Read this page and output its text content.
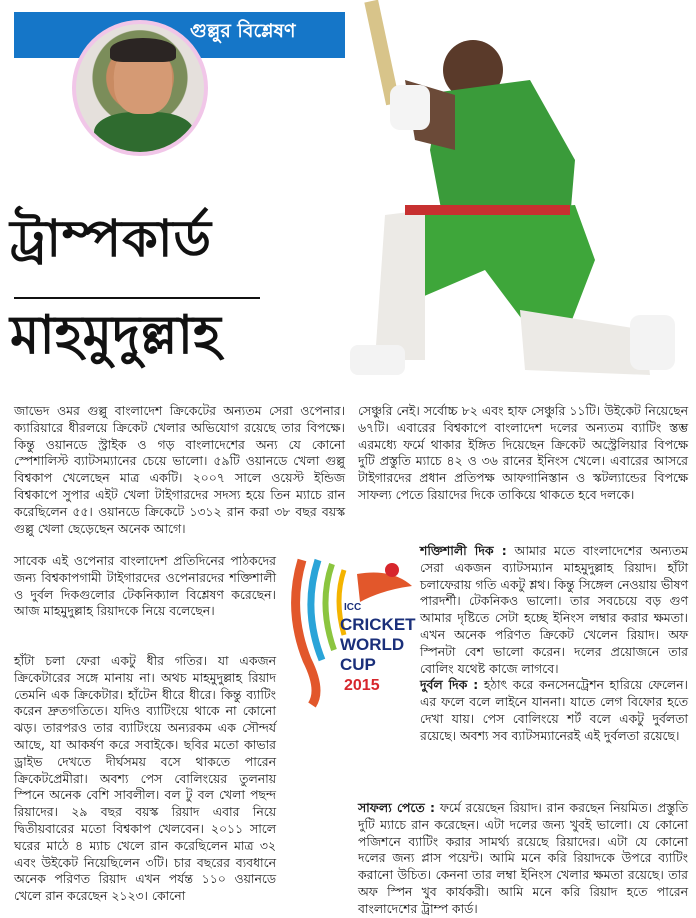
গুল্লুর বিশ্লেষণ
ট্রাম্পকার্ড
মাহমুদুল্লাহ

জাভেদ ওমর গুল্লু বাংলাদেশ ক্রিকেটের অন্যতম সেরা ওপেনার। ক্যারিয়ারে ধীরলয়ে ক্রিকেট খেলার অভিযোগ রয়েছে তার বিপক্ষে। কিন্তু ওয়ানডে স্ট্রাইক ও গড় বাংলাদেশের অন্য যে কোনো স্পেশালিস্ট ব্যাটসম্যানের চেয়ে ভালো। ৫৯টি ওয়ানডে খেলা গুল্লু বিশ্বকাপ খেলেছেন মাত্র একটি। ২০০৭ সালে ওয়েস্ট ইন্ডিজ বিশ্বকাপে সুপার এইট খেলা টাইগারদের সদস্য হয়ে তিন ম্যাচে রান করেছিলেন ৫৫। ওয়ানডে ক্রিকেটে ১৩১২ রান করা ৩৮ বছর বয়স্ক গুল্লু খেলা ছেড়েছেন অনেক আগে।

সাবেক এই ওপেনার বাংলাদেশ প্রতিদিনের পাঠকদের জন্য বিশ্বকাপগামী টাইগারদের ওপেনারদের শক্তিশালী ও দুর্বল দিকগুলোর টেকনিক্যাল বিশ্লেষণ করেছেন। আজ মাহমুদুল্লাহ রিয়াদকে নিয়ে বলেছেন।

হাঁটা চলা ফেরা একটু ধীর গতির। যা একজন ক্রিকেটারের সঙ্গে মানায় না। অথচ মাহমুদুল্লাহ রিয়াদ তেমনি এক ক্রিকেটার। হাঁটেন ধীরে ধীরে। কিন্তু ব্যাটিং করেন দ্রুতগতিতে। যদিও ব্যাটিংয়ে থাকে না কোনো ঝড়। তারপরও তার ব্যাটিংয়ে অন্যরকম এক সৌন্দর্য আছে, যা আকর্ষণ করে সবাইকে। ছবির মতো কাভার ড্রাইভ দেখতে দীর্ঘসময় বসে থাকতে পারেন ক্রিকেটপ্রেমীরা। অবশ্য পেস বোলিংয়ের তুলনায় স্পিনে অনেক বেশি সাবলীল। বল টু বল খেলা পছন্দ রিয়াদের। ২৯ বছর বয়স্ক রিয়াদ এবার নিয়ে দ্বিতীয়বারের মতো বিশ্বকাপ খেলবেন। ২০১১ সালে ঘরের মাঠে ৪ ম্যাচ খেলে রান করেছিলেন মাত্র ৩২ এবং উইকেট নিয়েছিলেন ৩টি। চার বছরের ব্যবধানে অনেক পরিণত রিয়াদ এখন পর্যন্ত ১১০ ওয়ানডে খেলে রান করেছেন ২১২৩। কোনো

ICC
CRICKET
WORLD
CUP
2015

সেঞ্চুরি নেই। সর্বোচ্চ ৮২ এবং হাফ সেঞ্চুরি ১১টি। উইকেট নিয়েছেন ৬৭টি। এবারের বিশ্বকাপে বাংলাদেশ দলের অন্যতম ব্যাটিং স্তম্ভ এরমধ্যে ফর্মে থাকার ইঙ্গিত দিয়েছেন ক্রিকেট অস্ট্রেলিয়ার বিপক্ষে দুটি প্রস্তুতি ম্যাচে ৪২ ও ৩৬ রানের ইনিংস খেলে। এবারের আসরে টাইগারদের প্রধান প্রতিপক্ষ আফগানিস্তান ও স্কটল্যান্ডের বিপক্ষে সাফল্য পেতে রিয়াদের দিকে তাকিয়ে থাকতে হবে দলকে।

শক্তিশালী দিক : আমার মতে বাংলাদেশের অন্যতম সেরা একজন ব্যাটসম্যান মাহমুদুল্লাহ রিয়াদ। হাঁটা চলাফেরায় গতি একটু শ্লথ। কিন্তু সিঙ্গেল নেওয়ায় ভীষণ পারদর্শী। টেকনিকও ভালো। তার সবচেয়ে বড় গুণ আমার দৃষ্টিতে সেটা হচ্ছে ইনিংস লম্বার করার ক্ষমতা। এখন অনেক পরিণত ক্রিকেট খেলেন রিয়াদ। অফ স্পিনটা বেশ ভালো করেন। দলের প্রয়োজনে তার বোলিং যথেষ্ট কাজে লাগবে।

দুর্বল দিক : হঠাৎ করে কনসেনট্রেশন হারিয়ে ফেলেন। এর ফলে বলে লাইনে যাননা। যাতে লেগ বিফোর হতে দেখা যায়। পেস বোলিংয়ে শর্ট বলে একটু দুর্বলতা রয়েছে। অবশ্য সব ব্যাটসম্যানেরই এই দুর্বলতা রয়েছে।

সাফল্য পেতে : ফর্মে রয়েছেন রিয়াদ। রান করছেন নিয়মিত। প্রস্তুতি দুটি ম্যাচে রান করেছেন। এটা দলের জন্য খুবই ভালো। যে কোনো পজিশনে ব্যাটিং করার সামর্থ্য রয়েছে রিয়াদের। এটা যে কোনো দলের জন্য প্লাস পয়েন্ট। আমি মনে করি রিয়াদকে উপরে ব্যাটিং করানো উচিত। কেননা তার লম্বা ইনিংস খেলার ক্ষমতা রয়েছে। তার অফ স্পিন খুব কার্যকরী। আমি মনে করি রিয়াদ হতে পারেন বাংলাদেশের ট্রাম্প কার্ড।
